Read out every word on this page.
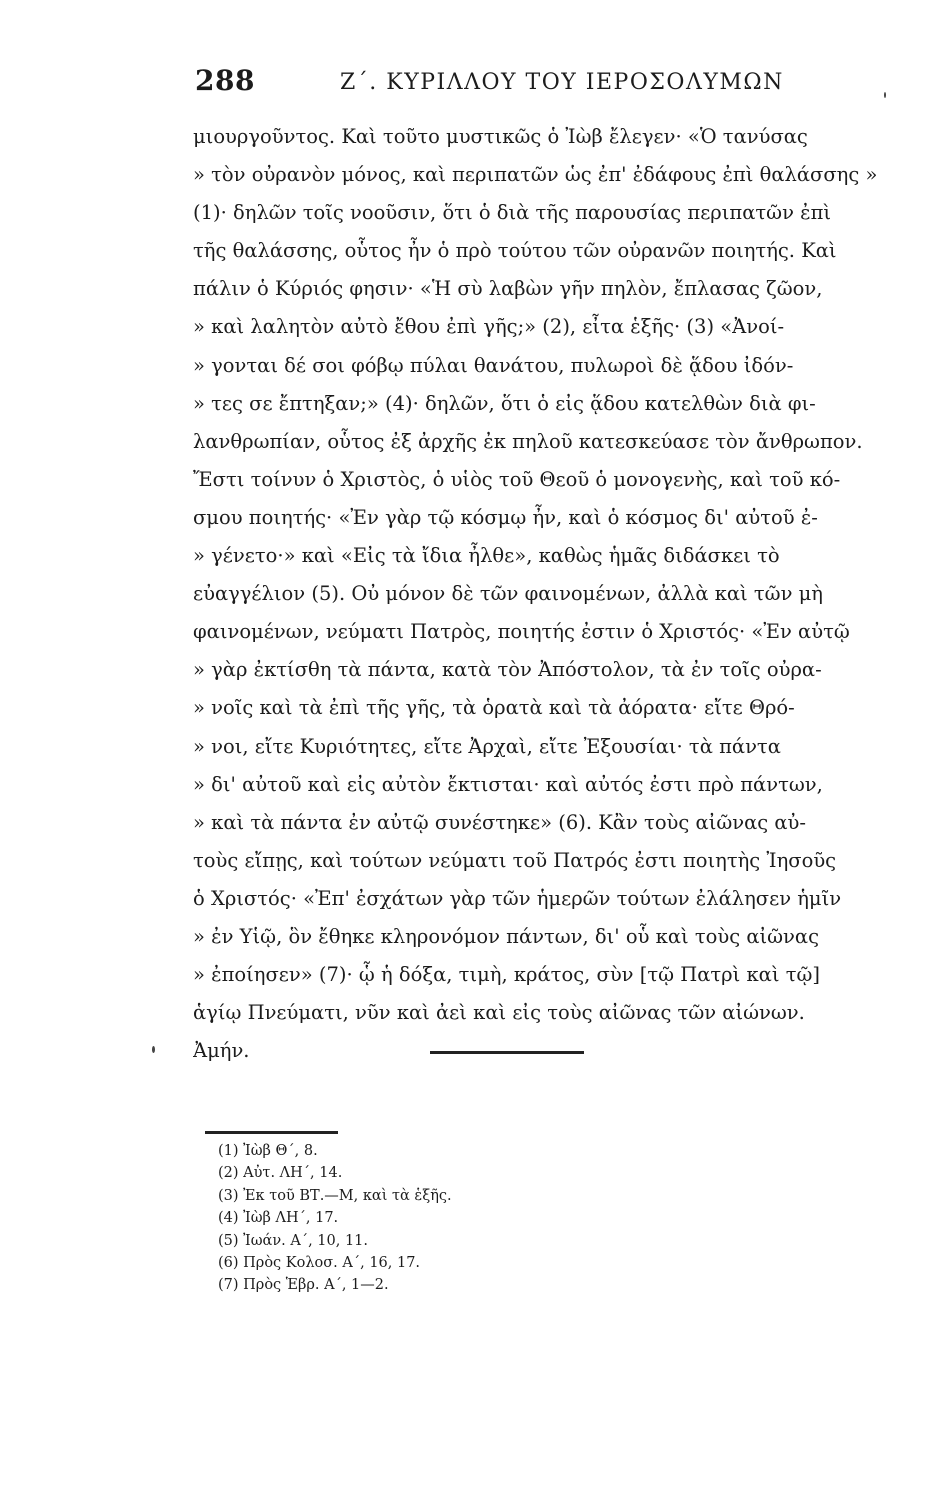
288	Ζ΄. ΚΥΡΙΛΛΟΥ ΤΟΥ ΙΕΡΟΣΟΛΥΜΩΝ
μιουργοῦντος. Καὶ τοῦτο μυστικῶς ὁ Ἰὼβ ἔλεγεν· «Ὁ τανύσας
» τὸν οὐρανὸν μόνος, καὶ περιπατῶν ὡς ἐπ' ἐδάφους ἐπὶ θαλάσσης »
(1)· δηλῶν τοῖς νοοῦσιν, ὅτι ὁ διὰ τῆς παρουσίας περιπατῶν ἐπὶ
τῆς θαλάσσης, οὗτος ἦν ὁ πρὸ τούτου τῶν οὐρανῶν ποιητής. Καὶ
πάλιν ὁ Κύριός φησιν· «Ἡ σὺ λαβὼν γῆν πηλὸν, ἔπλασας ζῶον,
» καὶ λαλητὸν αὐτὸ ἔθου ἐπὶ γῆς;» (2), εἶτα ἑξῆς· (3) «Ἀνοί-
» γονται δέ σοι φόβῳ πύλαι θανάτου, πυλωροὶ δὲ ᾅδου ἰδόν-
» τες σε ἔπτηξαν;» (4)· δηλῶν, ὅτι ὁ εἰς ᾅδου κατελθὼν διὰ φι-
λανθρωπίαν, οὗτος ἐξ ἀρχῆς ἐκ πηλοῦ κατεσκεύασε τὸν ἄνθρωπον.
Ἔστι τοίνυν ὁ Χριστὸς, ὁ υἱὸς τοῦ Θεοῦ ὁ μονογενὴς, καὶ τοῦ κό-
σμου ποιητής· «Ἐν γὰρ τῷ κόσμῳ ἦν, καὶ ὁ κόσμος δι' αὐτοῦ ἐ-
» γένετο·» καὶ «Εἰς τὰ ἴδια ἦλθε», καθὼς ἡμᾶς διδάσκει τὸ
εὐαγγέλιον (5). Οὐ μόνον δὲ τῶν φαινομένων, ἀλλὰ καὶ τῶν μὴ
φαινομένων, νεύματι Πατρὸς, ποιητής ἐστιν ὁ Χριστός· «Ἐν αὐτῷ
» γὰρ ἐκτίσθη τὰ πάντα, κατὰ τὸν Ἀπόστολον, τὰ ἐν τοῖς οὐρα-
» νοῖς καὶ τὰ ἐπὶ τῆς γῆς, τὰ ὁρατὰ καὶ τὰ ἀόρατα· εἴτε Θρό-
» νοι, εἴτε Κυριότητες, εἴτε Ἀρχαὶ, εἴτε Ἐξουσίαι· τὰ πάντα
» δι' αὐτοῦ καὶ εἰς αὐτὸν ἔκτισται· καὶ αὐτός ἐστι πρὸ πάντων,
» καὶ τὰ πάντα ἐν αὐτῷ συνέστηκε» (6). Κἂν τοὺς αἰῶνας αὐ-
τοὺς εἴπῃς, καὶ τούτων νεύματι τοῦ Πατρός ἐστι ποιητὴς Ἰησοῦς
ὁ Χριστός· «Ἐπ' ἐσχάτων γὰρ τῶν ἡμερῶν τούτων ἐλάλησεν ἡμῖν
» ἐν Υἱῷ, ὃν ἔθηκε κληρονόμον πάντων, δι' οὗ καὶ τοὺς αἰῶνας
» ἐποίησεν» (7)· ᾧ ἡ δόξα, τιμὴ, κράτος, σὺν [τῷ Πατρὶ καὶ τῷ]
ἁγίῳ Πνεύματι, νῦν καὶ ἀεὶ καὶ εἰς τοὺς αἰῶνας τῶν αἰώνων.
Ἀμήν.
(1) Ἰὼβ Θ΄, 8.
(2) Αὐτ. ΛΗ΄, 14.
(3) Ἐκ τοῦ ΒΤ.—Μ, καὶ τὰ ἑξῆς.
(4) Ἰὼβ ΛΗ΄, 17.
(5) Ἰωάν. Α΄, 10, 11.
(6) Πρὸς Κολοσ. Α΄, 16, 17.
(7) Πρὸς Ἑβρ. Α΄, 1—2.
